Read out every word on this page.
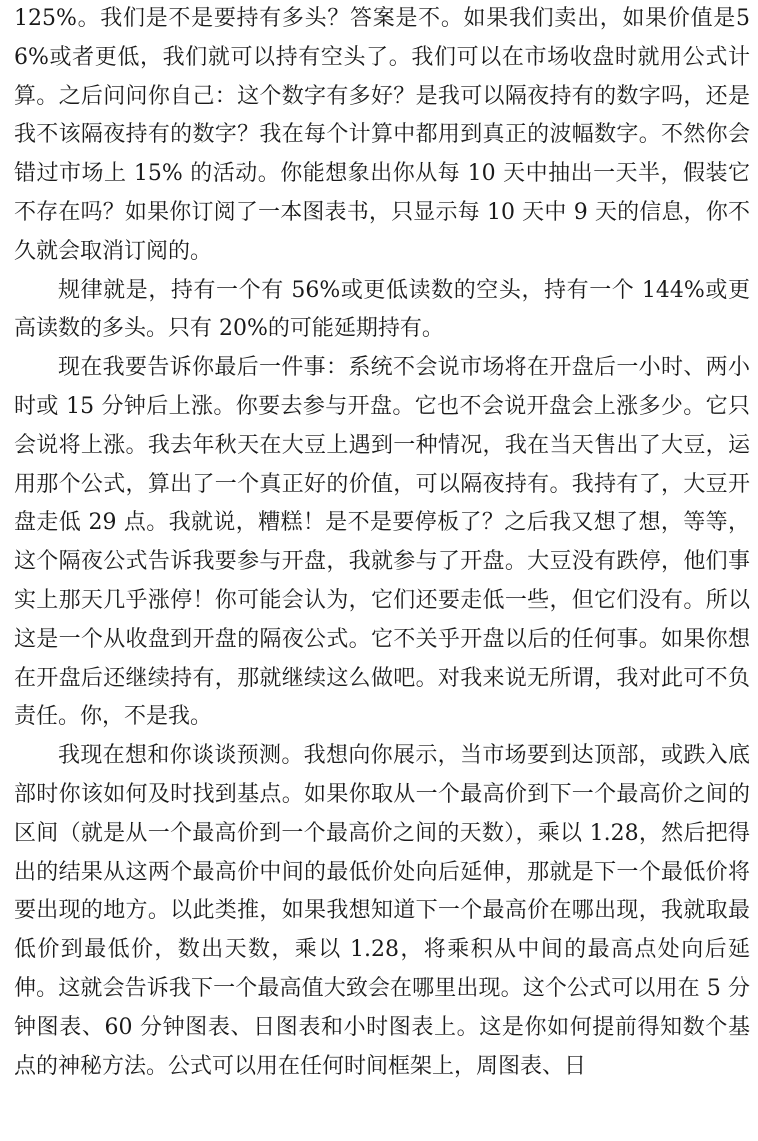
125%。我们是不是要持有多头？答案是不。如果我们卖出，如果价值是56%或者更低，我们就可以持有空头了。我们可以在市场收盘时就用公式计算。之后问问你自己：这个数字有多好？是我可以隔夜持有的数字吗，还是我不该隔夜持有的数字？我在每个计算中都用到真正的波幅数字。不然你会错过市场上 15% 的活动。你能想象出你从每 10 天中抽出一天半，假装它不存在吗？如果你订阅了一本图表书，只显示每 10 天中 9 天的信息，你不久就会取消订阅的。

规律就是，持有一个有 56%或更低读数的空头，持有一个 144%或更高读数的多头。只有 20%的可能延期持有。

现在我要告诉你最后一件事：系统不会说市场将在开盘后一小时、两小时或 15 分钟后上涨。你要去参与开盘。它也不会说开盘会上涨多少。它只会说将上涨。我去年秋天在大豆上遇到一种情况，我在当天售出了大豆，运用那个公式，算出了一个真正好的价值，可以隔夜持有。我持有了，大豆开盘走低 29 点。我就说，糟糕！是不是要停板了？之后我又想了想，等等，这个隔夜公式告诉我要参与开盘，我就参与了开盘。大豆没有跌停，他们事实上那天几乎涨停！你可能会认为，它们还要走低一些，但它们没有。所以这是一个从收盘到开盘的隔夜公式。它不关乎开盘以后的任何事。如果你想在开盘后还继续持有，那就继续这么做吧。对我来说无所谓，我对此可不负责任。你，不是我。

我现在想和你谈谈预测。我想向你展示，当市场要到达顶部，或跌入底部时你该如何及时找到基点。如果你取从一个最高价到下一个最高价之间的区间（就是从一个最高价到一个最高价之间的天数），乘以 1.28，然后把得出的结果从这两个最高价中间的最低价处向后延伸，那就是下一个最低价将要出现的地方。以此类推，如果我想知道下一个最高价在哪出现，我就取最低价到最低价，数出天数，乘以 1.28，将乘积从中间的最高点处向后延伸。这就会告诉我下一个最高值大致会在哪里出现。这个公式可以用在 5 分钟图表、60 分钟图表、日图表和小时图表上。这是你如何提前得知数个基点的神秘方法。公式可以用在任何时间框架上，周图表、日
